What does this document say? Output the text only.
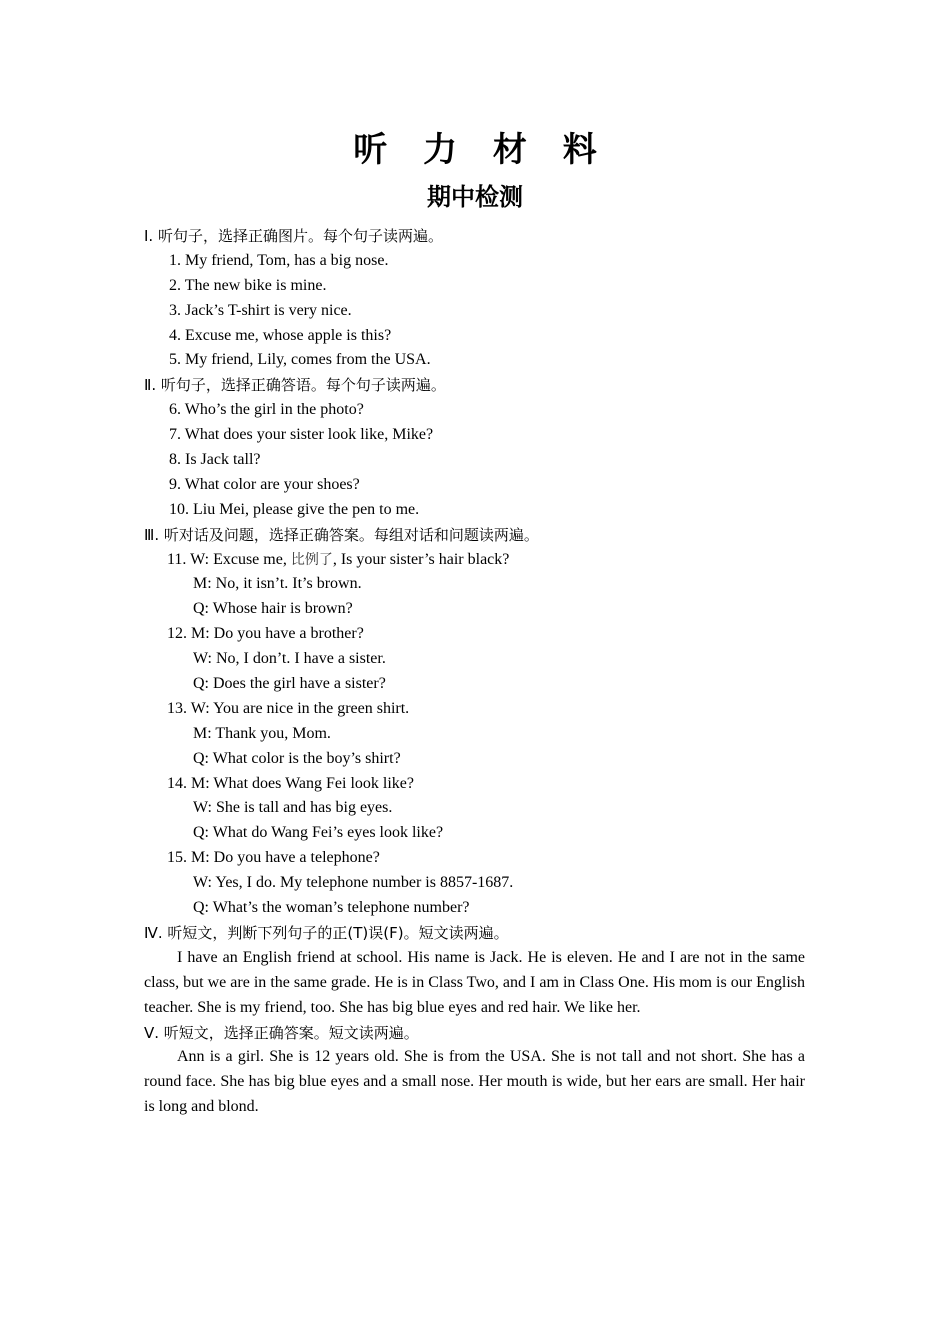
听 力 材 料
期中检测
Ⅰ. 听句子，选择正确图片。每个句子读两遍。
1. My friend, Tom, has a big nose.
2. The new bike is mine.
3. Jack’s T-shirt is very nice.
4. Excuse me, whose apple is this?
5. My friend, Lily, comes from the USA.
Ⅱ. 听句子，选择正确答语。每个句子读两遍。
6. Who’s the girl in the photo?
7. What does your sister look like, Mike?
8. Is Jack tall?
9. What color are your shoes?
10. Liu Mei, please give the pen to me.
Ⅲ. 听对话及问题，选择正确答案。每组对话和问题读两遍。
11. W: Excuse me, 比例了, Is your sister’s hair black?
M: No, it isn’t. It’s brown.
Q: Whose hair is brown?
12. M: Do you have a brother?
W: No, I don’t. I have a sister.
Q: Does the girl have a sister?
13. W: You are nice in the green shirt.
M: Thank you, Mom.
Q: What color is the boy’s shirt?
14. M: What does Wang Fei look like?
W: She is tall and has big eyes.
Q: What do Wang Fei’s eyes look like?
15. M: Do you have a telephone?
W: Yes, I do. My telephone number is 8857-1687.
Q: What’s the woman’s telephone number?
Ⅳ. 听短文，判断下列句子的正(T)误(F)。短文读两遍。
I have an English friend at school. His name is Jack. He is eleven. He and I are not in the same class, but we are in the same grade. He is in Class Two, and I am in Class One. His mom is our English teacher. She is my friend, too. She has big blue eyes and red hair. We like her.
Ⅴ. 听短文，选择正确答案。短文读两遍。
Ann is a girl. She is 12 years old. She is from the USA. She is not tall and not short. She has a round face. She has big blue eyes and a small nose. Her mouth is wide, but her ears are small. Her hair is long and blond.
